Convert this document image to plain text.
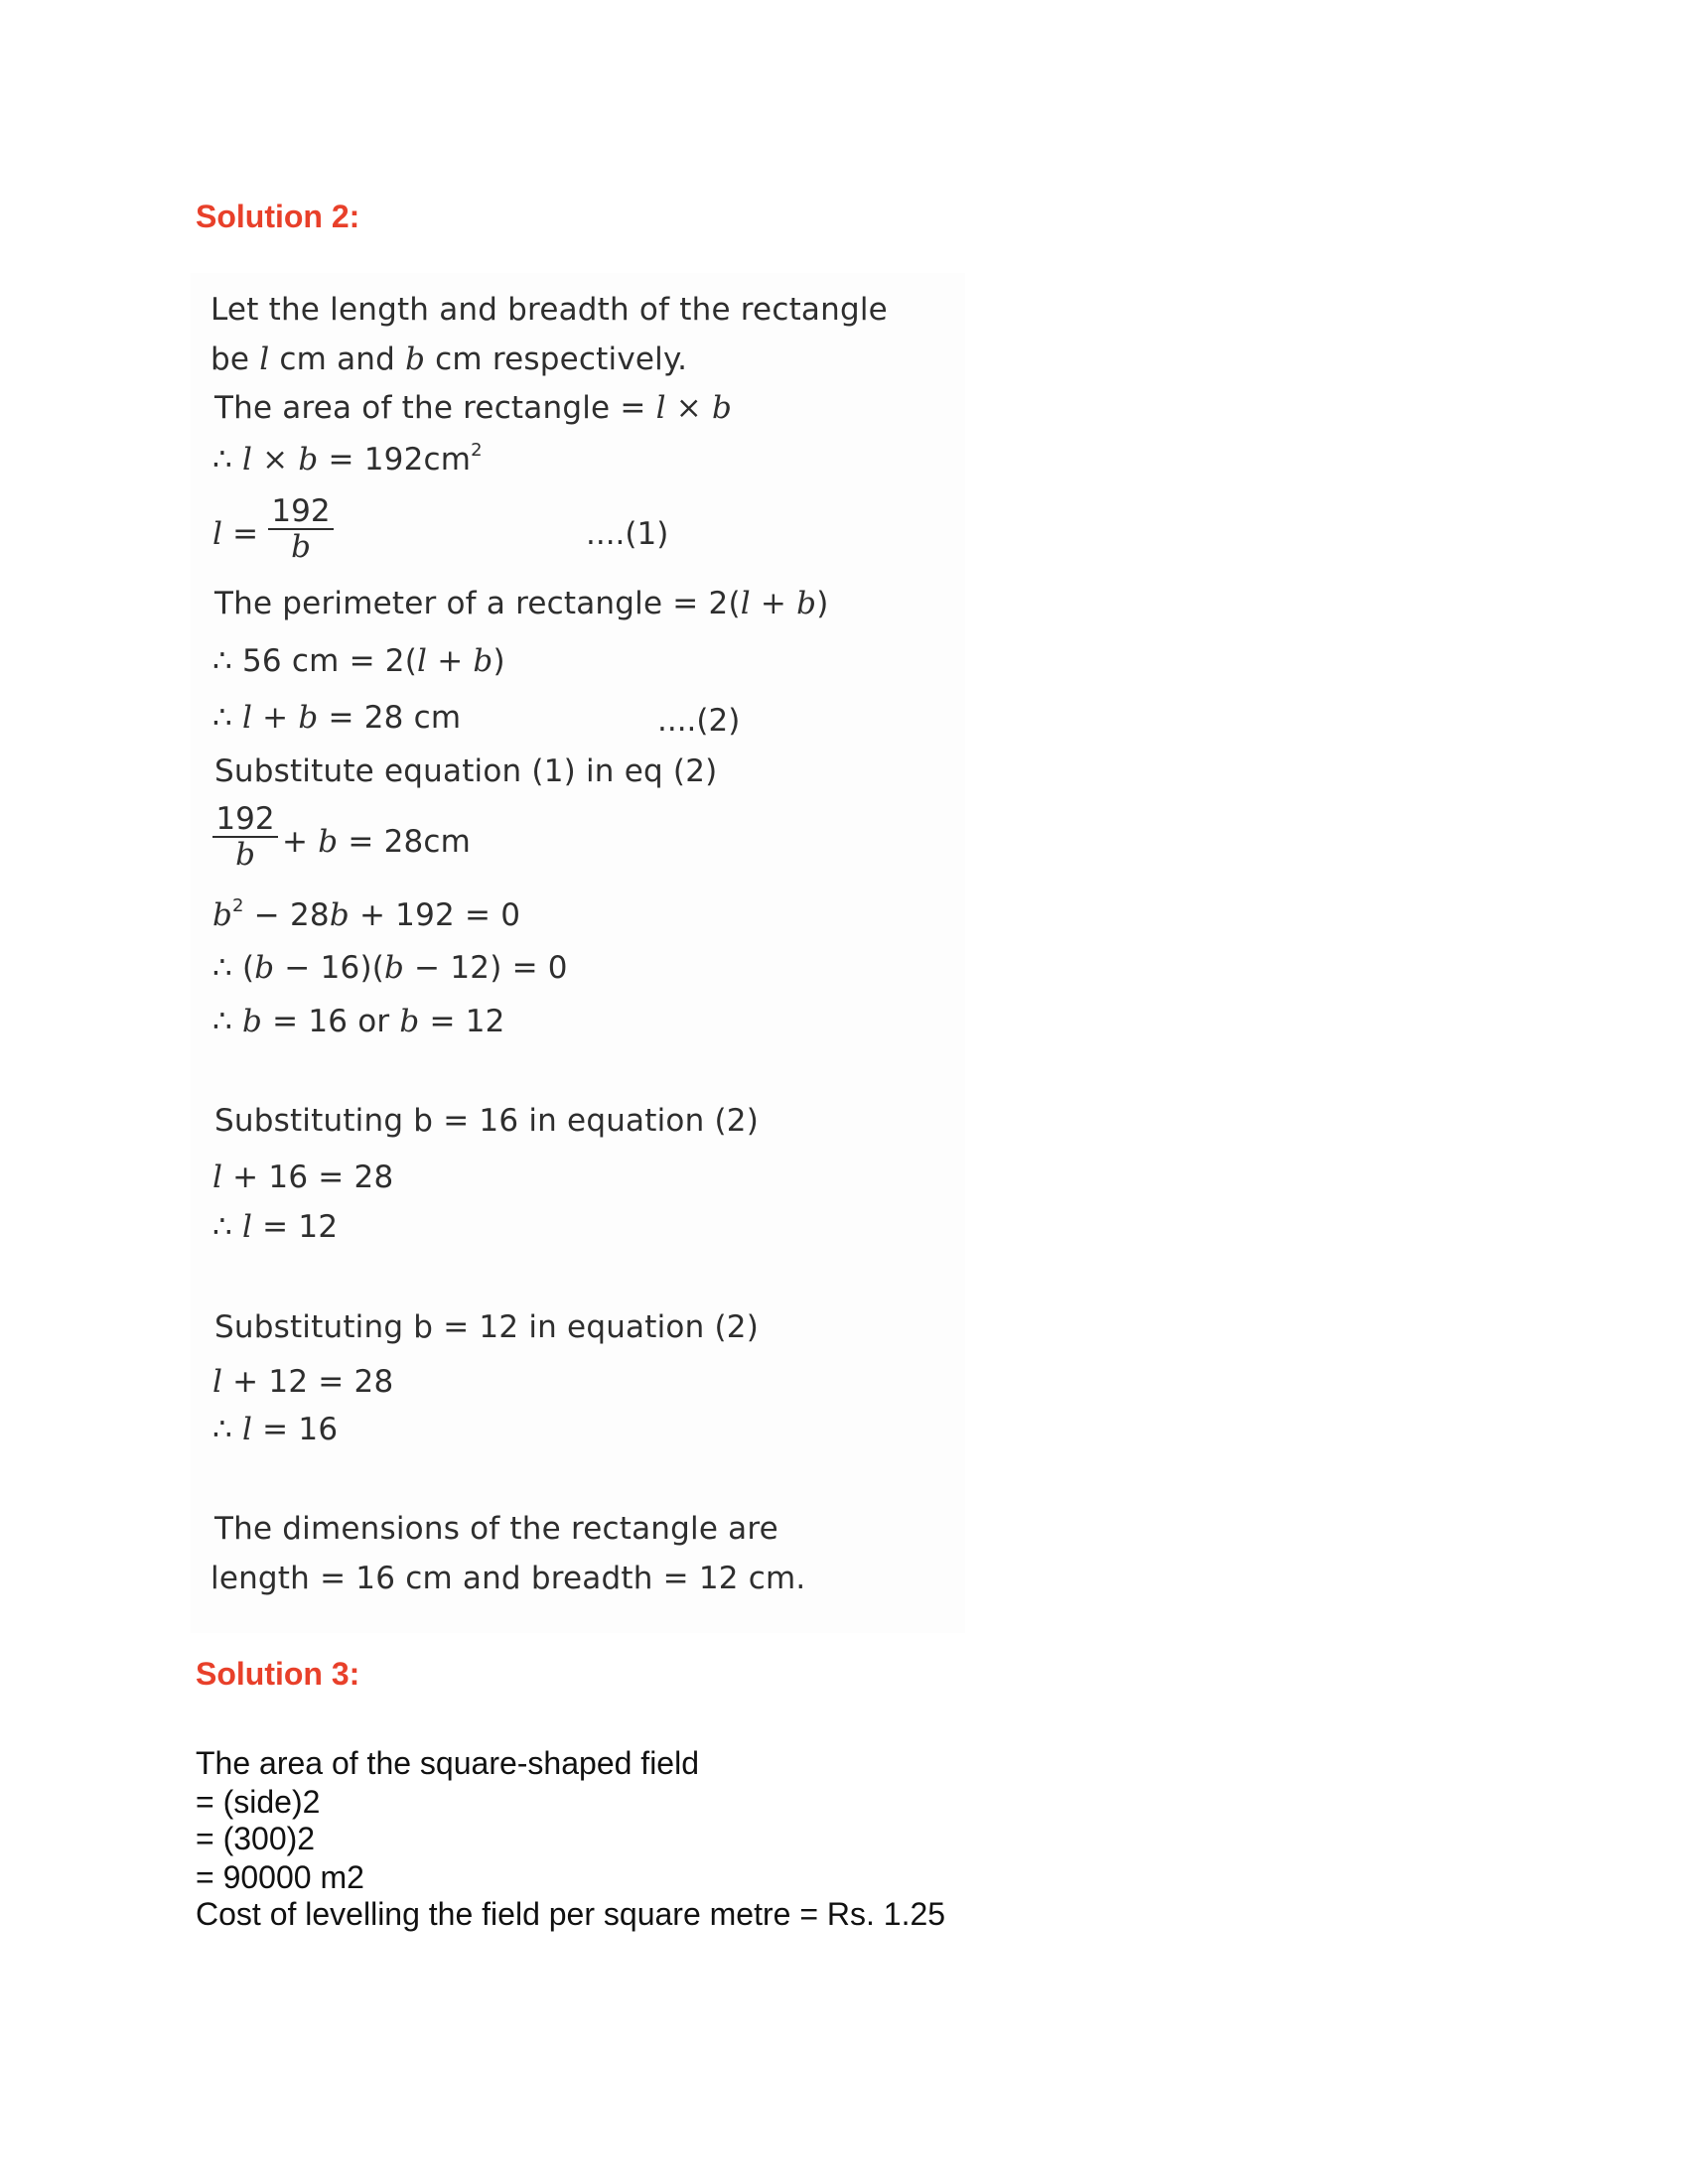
Solution 2:
Let the length and breadth of the rectangle
be l cm and b cm respectively.
The area of the rectangle = l × b
∴ $l \times b = 192cm^2$
$l = \frac{192}{b}$	....(1)
The perimeter of a rectangle = 2(l + b)
∴ 56 cm = 2(l + b)
∴ l + b = 28 cm	....(2)
Substitute equation (1) in eq (2)
$\frac{192}{b} + b = 28cm$
$b^2 - 28b + 192 = 0$
∴ (b − 16)(b − 12) = 0
∴ b = 16 or b = 12
Substituting b = 16 in equation (2)
l + 16 = 28
∴ l = 12
Substituting b = 12 in equation (2)
l + 12 = 28
∴ l = 16
The dimensions of the rectangle are
length = 16 cm and breadth = 12 cm.
Solution 3:
The area of the square-shaped field
= (side)2
= (300)2
= 90000 m2
Cost of levelling the field per square metre = Rs. 1.25
